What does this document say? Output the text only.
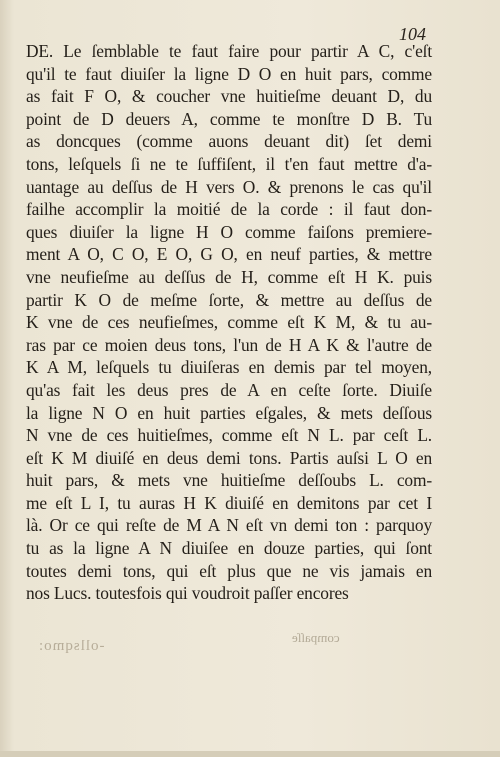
104
DE. Le ſemblable te faut faire pour partir A C, c'eſt
qu'il te faut diuiſer la ligne D O en huit pars, comme
as fait F O, & coucher vne huitieſme deuant D, du
point de D deuers A, comme te monſtre D B. Tu
as doncques (comme auons deuant dit) ſet demi
tons, leſquels ſi ne te ſuffiſent, il t'en faut mettre d'a-
uantage au deſſus de H vers O. & prenons le cas qu'il
failhe accomplir la moitié de la corde : il faut don-
ques diuiſer la ligne H O comme faiſons premiere-
ment A O, C O, E O, G O, en neuf parties, & mettre
vne neufieſme au deſſus de H, comme eſt H K. puis
partir K O de meſme ſorte, & mettre au deſſus de
K vne de ces neufieſmes, comme eſt K M, & tu au-
ras par ce moien deus tons, l'un de H A K & l'autre de
K A M, leſquels tu diuiſeras en demis par tel moyen,
qu'as fait les deus pres de A en ceſte ſorte. Diuiſe
la ligne N O en huit parties eſgales, & mets deſſous
N vne de ces huitieſmes, comme eſt N L. par ceſt L.
eſt K M diuiſé en deus demi tons. Partis auſsi L O en
huit pars, & mets vne huitieſme deſſoubs L. com-
me eſt L I, tu auras H K diuiſé en demitons par cet I
là. Or ce qui reſte de M A N eſt vn demi ton : parquoy
tu as la ligne A N diuiſee en douze parties, qui ſont
toutes demi tons, qui eſt plus que ne vis jamais en
nos Lucs. toutesfois qui voudroit paſſer encores
-ollsqmo:
compaſſe
